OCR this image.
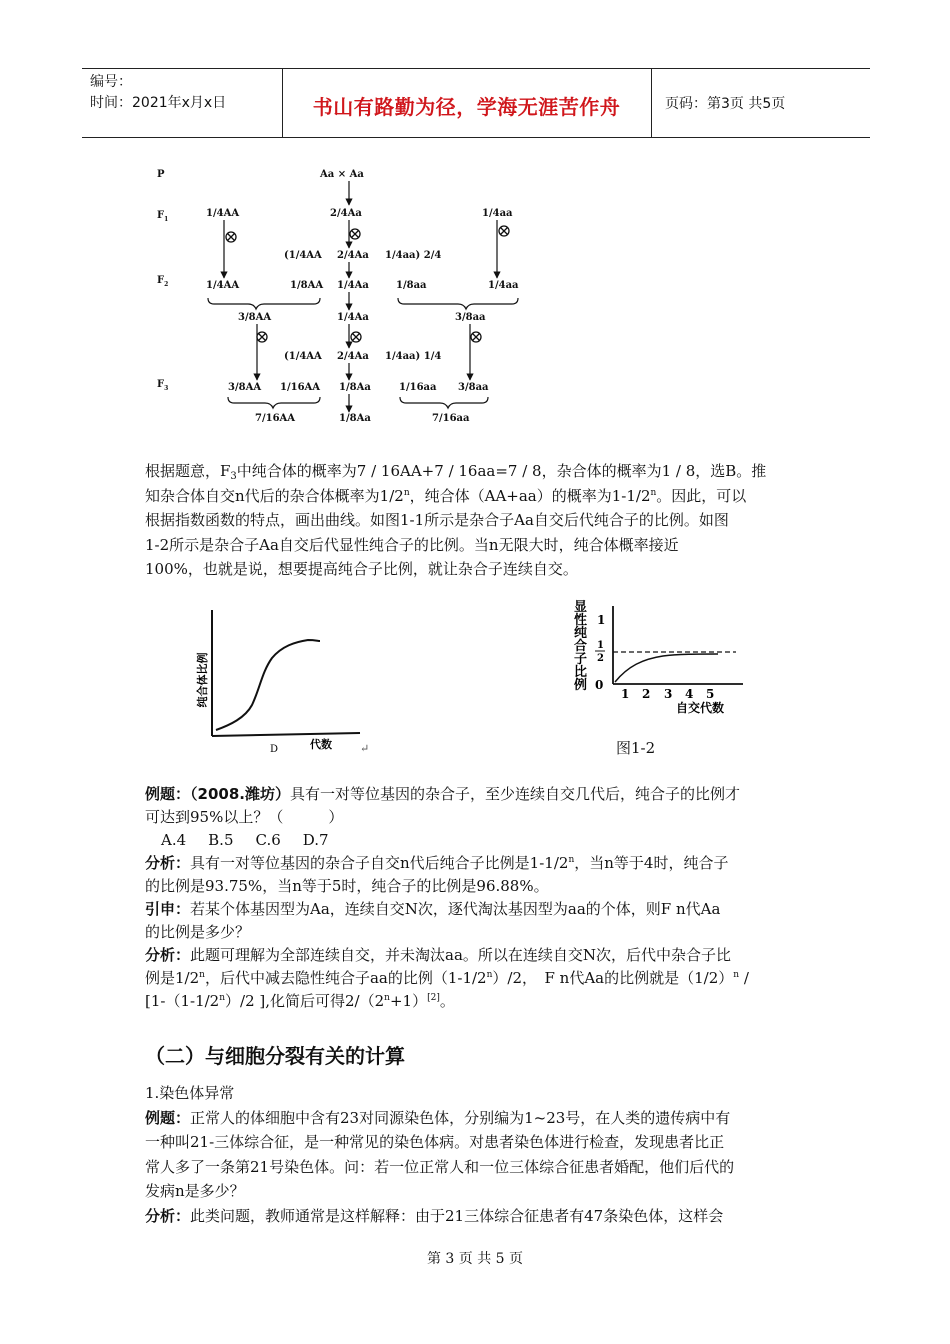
编号：
时间：2021年x月x日	书山有路勤为径，学海无涯苦作舟	页码：第3页 共5页
P
$F_1$
$F_2$
$F_3$
Aa × Aa
1/4AA	2/4Aa	1/4aa
(1/4AA 2/4Aa 1/4aa) 2/4
1/4AA	1/8AA 1/4Aa	1/8aa	1/4aa
3/8AA	1/4Aa	3/8aa
(1/4AA 2/4Aa 1/4aa) 1/4
3/8AA 1/16AA 1/8Aa	1/16aa 3/8aa
7/16AA	1/8Aa	7/16aa
根据题意，$F_3$中纯合体的概率为7 / 16AA+7 / 16aa=7 / 8，杂合体的概率为1 / 8，选B。推
知杂合体自交n代后的杂合体概率为1/2$^n$，纯合体（AA+aa）的概率为1-1/2$^n$。因此，可以
根据指数函数的特点，画出曲线。如图1-1所示是杂合子Aa自交后代纯合子的比例。如图
1-2所示是杂合子Aa自交后代显性纯合子的比例。当n无限大时，纯合体概率接近
100%，也就是说，想要提高纯合子比例，就让杂合子连续自交。
纯合体比例
D	代数	↵
显
性
纯
合
子
比
例
1
1
2
0
1 2 3 4 5
自交代数
图1-2
例题：（2008.潍坊）具有一对等位基因的杂合子，至少连续自交几代后，纯合子的比例才
可达到95%以上？（　　　）
A.4 B.5 C.6 D.7
分析：具有一对等位基因的杂合子自交n代后纯合子比例是1-1/2$^n$，当n等于4时，纯合子
的比例是93.75%，当n等于5时，纯合子的比例是96.88%。
引申：若某个体基因型为Aa，连续自交N次，逐代淘汰基因型为aa的个体，则F n代Aa
的比例是多少？
分析：此题可理解为全部连续自交，并未淘汰aa。所以在连续自交N次，后代中杂合子比
例是1/2$^n$，后代中减去隐性纯合子aa的比例（1-1/2$^n$）/2，　F n代Aa的比例就是$(1/2)^n$ /
[1-（1-1/2$^n$）/2 ],化简后可得$2/(2^n+1)[2]$。
（二）与细胞分裂有关的计算
1.染色体异常
例题：正常人的体细胞中含有23对同源染色体，分别编为1~23号，在人类的遗传病中有
一种叫21-三体综合征，是一种常见的染色体病。对患者染色体进行检查，发现患者比正
常人多了一条第21号染色体。问：若一位正常人和一位三体综合征患者婚配，他们后代的
发病n是多少？
分析：此类问题，教师通常是这样解释：由于21三体综合征患者有47条染色体，这样会
第 3 页 共 5 页
